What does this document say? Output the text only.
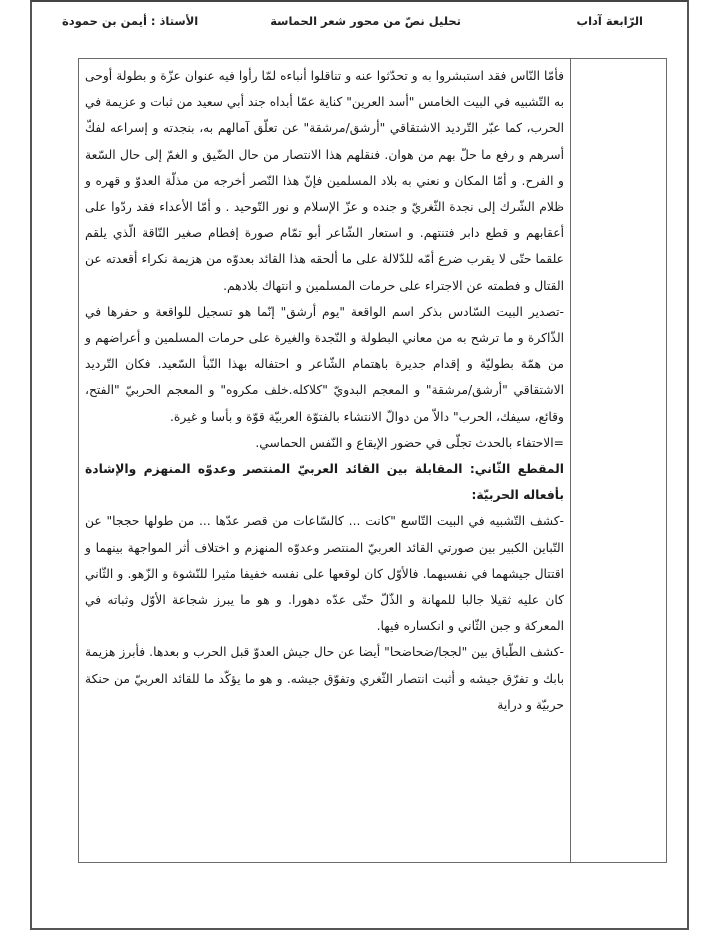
الرّابعة آداب
تحليل نصّ من محور شعر الحماسة
الأستاذ : أيمن بن حمودة

فأمّا النّاس فقد استبشروا به و تحدّثوا عنه و تناقلوا أنباءه لمّا رأوا فيه عنوان عزّة و بطولة أوحى به التّشبيه في البيت الخامس "أسد العرين" كناية عمّا أبداه جند أبي سعيد من ثبات و عزيمة في الحرب، كما عبّر التّرديد الاشتقاقي "أرشق/مرشقة" عن تعلّق آمالهم به، بنجدته و إسراعه لفكّ أسرهم و رفع ما حلّ بهم من هوان. فنقلهم هذا الانتصار من حال الضّيق و الغمّ إلى حال السّعة و الفرح. و أمّا المكان و نعني به بلاد المسلمين فإنّ هذا النّصر أخرجه من مذلّة العدوّ و قهره و ظلام الشّرك إلى نجدة الثّغريّ و جنده و عزّ الإسلام و نور التّوحيد . و أمّا الأعداء فقد ردّوا على أعقابهم و قطع دابر فتنتهم. و استعار الشّاعر أبو تمّام صورة إفطام صغير النّاقة الّذي يلقم علقما حتّى لا يقرب ضرع أمّه للدّلالة على ما ألحقه هذا القائد بعدوّه من هزيمة نكراء أقعدته عن القتال و فطمته عن الاجتراء على حرمات المسلمين و انتهاك بلادهم.

-تصدير البيت السّادس بذكر اسم الواقعة "يوم أرشق" إنّما هو تسجيل للواقعة و حفرها في الذّاكرة و ما ترشح به من معاني البطولة و النّجدة والغيرة على حرمات المسلمين و أعراضهم و من همّة بطوليّة و إقدام جديرة باهتمام الشّاعر و احتفاله بهذا النّبأ السّعيد. فكان التّرديد الاشتقاقي "أرشق/مرشقة" و المعجم البدويّ "كلاكله.خلف مكروه" و المعجم الحربيّ "الفتح، وقائع، سيفك، الحرب" دالاّ من دوالّ الانتشاء بالفتوّة العربيّة قوّة و بأسا و غيرة.

=الاحتفاء بالحدث تجلّى في حضور الإيقاع و النّفس الحماسي.

المقطع الثّاني: المقابلة بين القائد العربيّ المنتصر وعدوّه المنهزم والإشادة بأفعاله الحربيّة:

-كشف التّشبيه في البيت التّاسع "كانت ... كالسّاعات من قصر عدّها ... من طولها حججا" عن التّباين الكبير بين صورتي القائد العربيّ المنتصر وعدوّه المنهزم و اختلاف أثر المواجهة بينهما و اقتتال جيشهما في نفسيهما. فالأوّل كان لوقعها على نفسه خفيفا مثيرا للنّشوة و الزّهو. و الثّاني كان عليه ثقيلا جالبا للمهانة و الذّلّ حتّى عدّه دهورا. و هو ما يبرز شجاعة الأوّل وثباته في المعركة و جبن الثّاني و انكساره فيها.

-كشف الطّباق بين "لججا/ضحاضحا" أيضا عن حال جيش العدوّ قبل الحرب و بعدها. فأبرز هزيمة بابك و تفرّق جيشه و أثبت انتصار الثّغري وتفوّق جيشه. و هو ما يؤكّد ما للقائد العربيّ من حنكة حربيّة و دراية
